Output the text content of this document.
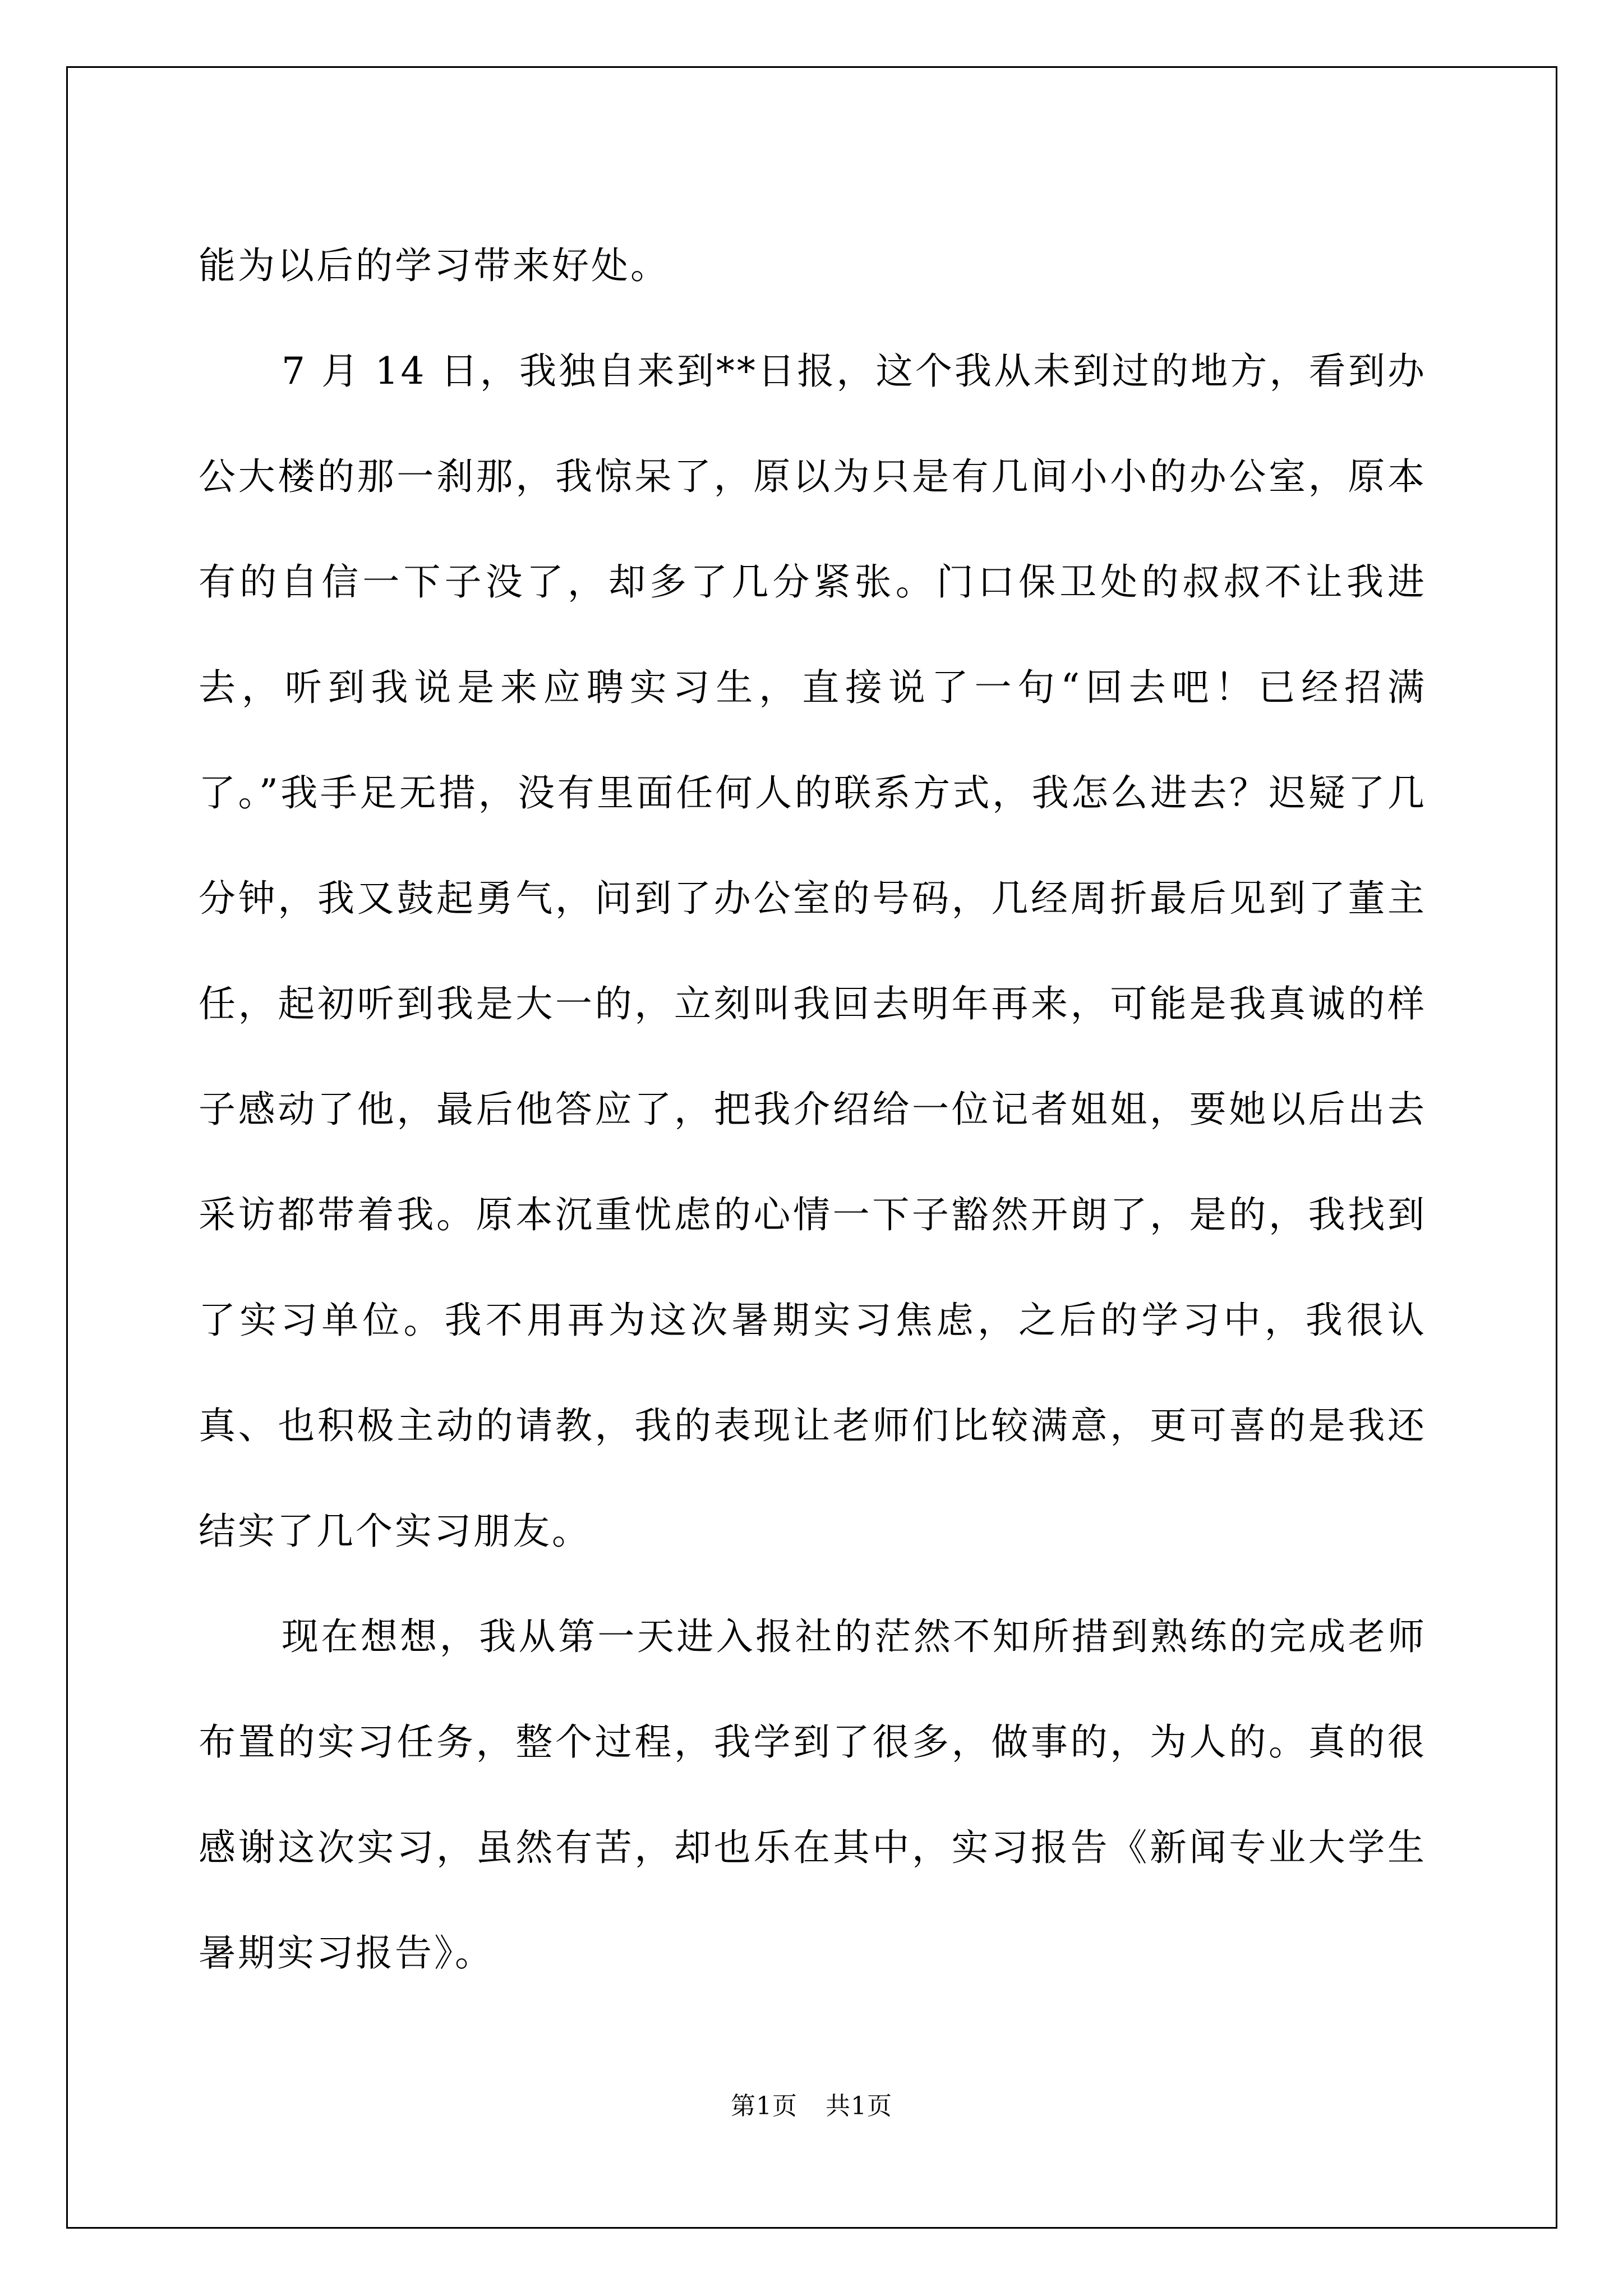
能为以后的学习带来好处。

7 月 14 日，我独自来到**日报，这个我从未到过的地方，看到办公大楼的那一刹那，我惊呆了，原以为只是有几间小小的办公室，原本有的自信一下子没了，却多了几分紧张。门口保卫处的叔叔不让我进去，听到我说是来应聘实习生，直接说了一句“回去吧！已经招满了。”我手足无措，没有里面任何人的联系方式，我怎么进去？迟疑了几分钟，我又鼓起勇气，问到了办公室的号码，几经周折最后见到了董主任，起初听到我是大一的，立刻叫我回去明年再来，可能是我真诚的样子感动了他，最后他答应了，把我介绍给一位记者姐姐，要她以后出去采访都带着我。原本沉重忧虑的心情一下子豁然开朗了，是的，我找到了实习单位。我不用再为这次暑期实习焦虑，之后的学习中，我很认真、也积极主动的请教，我的表现让老师们比较满意，更可喜的是我还结实了几个实习朋友。

现在想想，我从第一天进入报社的茫然不知所措到熟练的完成老师布置的实习任务，整个过程，我学到了很多，做事的，为人的。真的很感谢这次实习，虽然有苦，却也乐在其中，实习报告《新闻专业大学生暑期实习报告》。

第1页 共1页
